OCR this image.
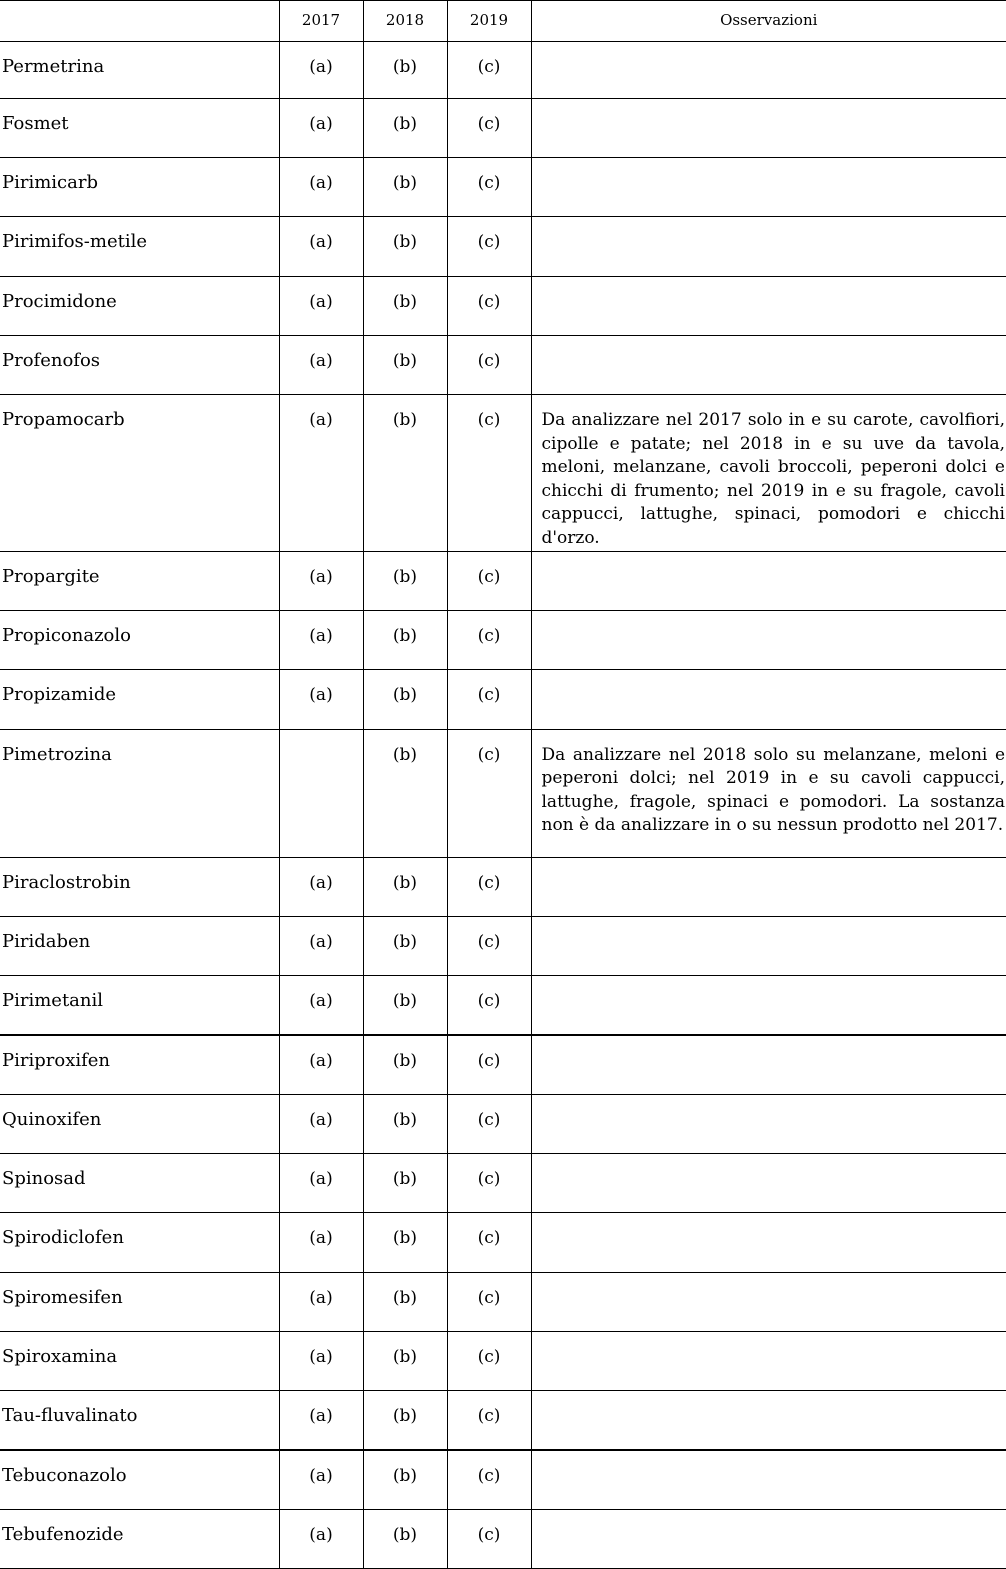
	2017	2018	2019	Osservazioni
Permetrina	(a)	(b)	(c)	
Fosmet	(a)	(b)	(c)	
Pirimicarb	(a)	(b)	(c)	
Pirimifos-metile	(a)	(b)	(c)	
Procimidone	(a)	(b)	(c)	
Profenofos	(a)	(b)	(c)	
Propamocarb	(a)	(b)	(c)	Da analizzare nel 2017 solo in e su carote, cavolfiori, cipolle e patate; nel 2018 in e su uve da tavola, meloni, melanzane, cavoli broccoli, peperoni dolci e chicchi di frumento; nel 2019 in e su fragole, cavoli cappucci, lattughe, spinaci, pomodori e chicchi d'orzo.
Propargite	(a)	(b)	(c)	
Propiconazolo	(a)	(b)	(c)	
Propizamide	(a)	(b)	(c)	
Pimetrozina		(b)	(c)	Da analizzare nel 2018 solo su melanzane, meloni e peperoni dolci; nel 2019 in e su cavoli cappucci, lattughe, fragole, spinaci e pomodori. La sostanza non è da analizzare in o su nessun prodotto nel 2017.
Piraclostrobin	(a)	(b)	(c)	
Piridaben	(a)	(b)	(c)	
Pirimetanil	(a)	(b)	(c)	
Piriproxifen	(a)	(b)	(c)	
Quinoxifen	(a)	(b)	(c)	
Spinosad	(a)	(b)	(c)	
Spirodiclofen	(a)	(b)	(c)	
Spiromesifen	(a)	(b)	(c)	
Spiroxamina	(a)	(b)	(c)	
Tau-fluvalinato	(a)	(b)	(c)	
Tebuconazolo	(a)	(b)	(c)	
Tebufenozide	(a)	(b)	(c)	
